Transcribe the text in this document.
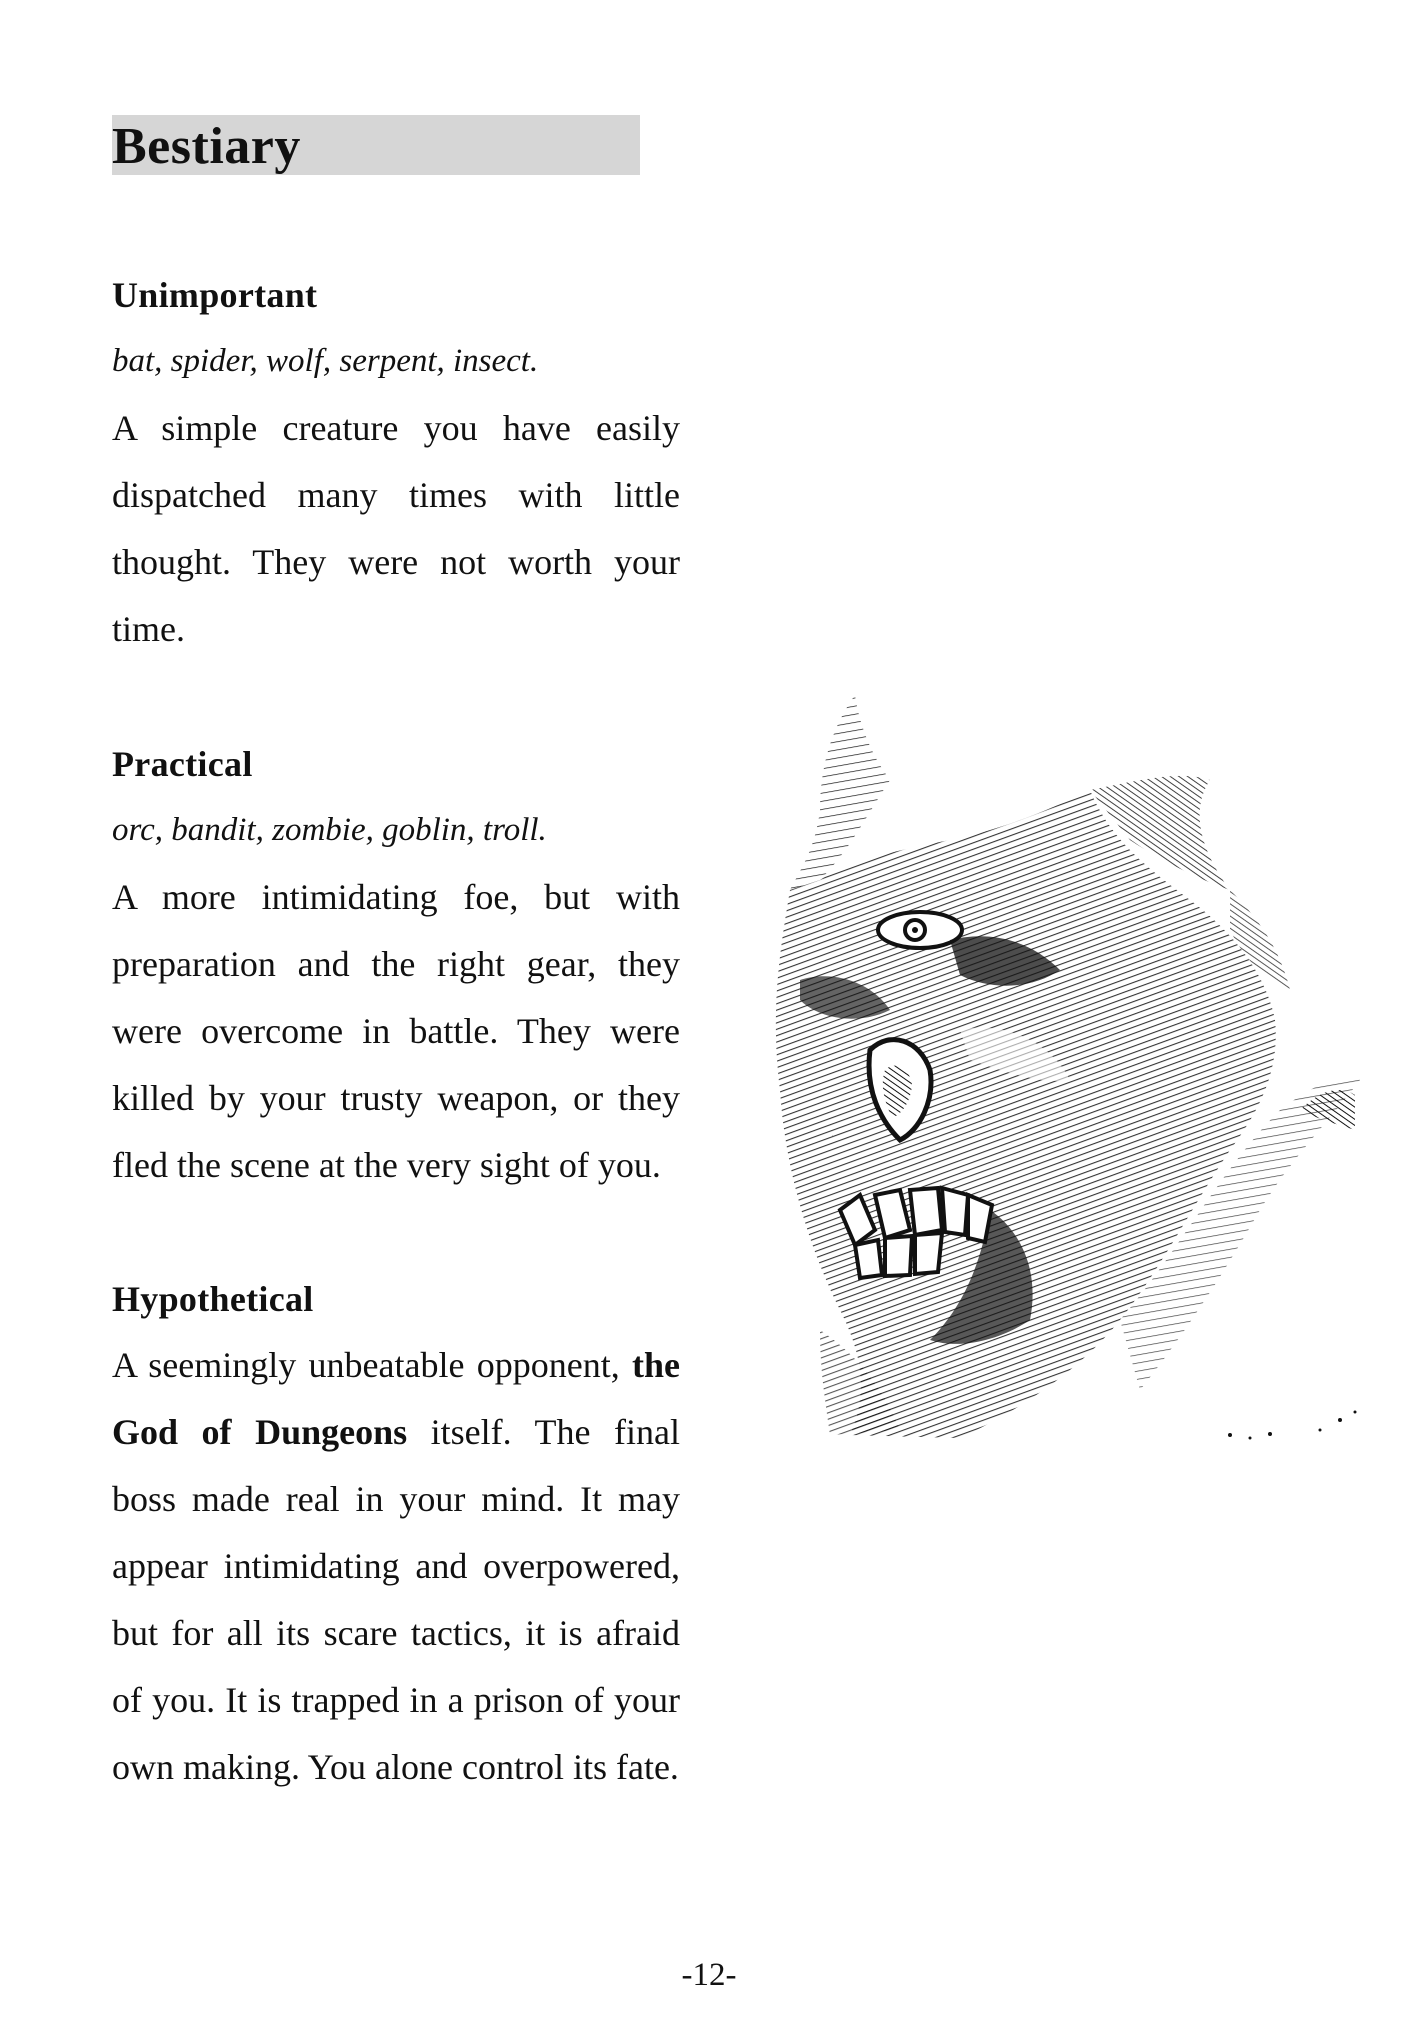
Bestiary

Unimportant

bat, spider, wolf, serpent, insect.

A simple creature you have easily dispatched many times with little thought. They were not worth your time.

Practical

orc, bandit, zombie, goblin, troll.

A more intimidating foe, but with preparation and the right gear, they were overcome in battle. They were killed by your trusty weapon, or they fled the scene at the very sight of you.

Hypothetical

A seemingly unbeatable opponent, the God of Dungeons itself. The final boss made real in your mind. It may appear intimidating and overpowered, but for all its scare tactics, it is afraid of you. It is trapped in a prison of your own making. You alone control its fate.

-12-
